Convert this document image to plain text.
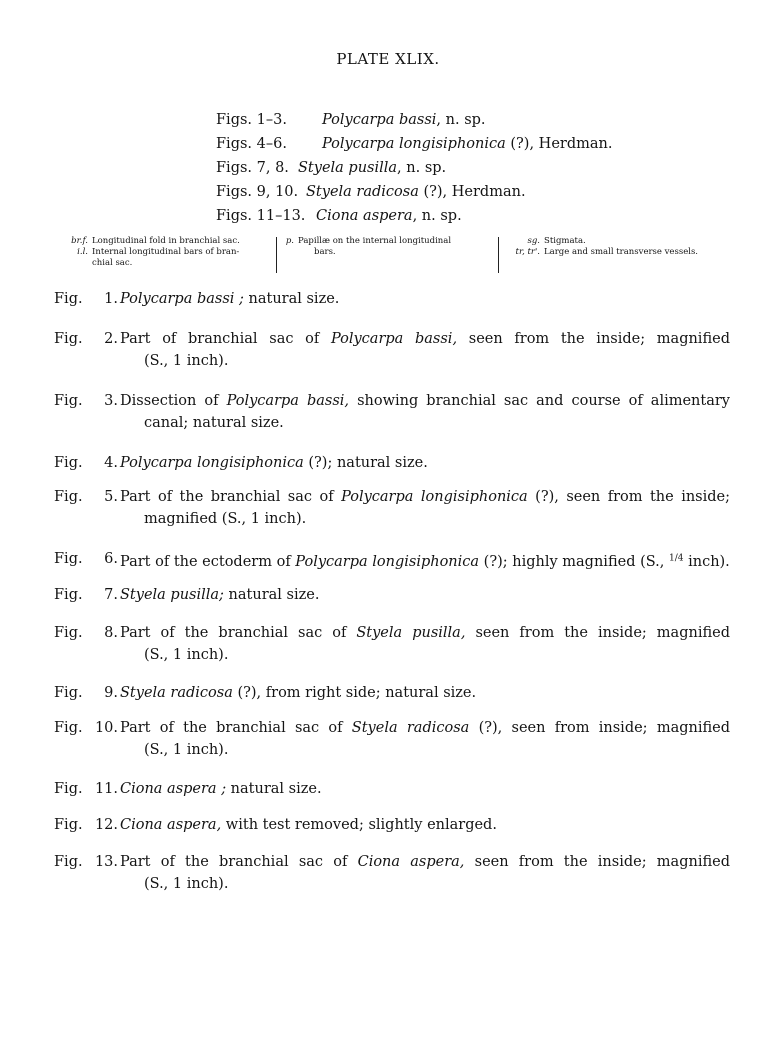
PLATE XLIX.
Figs. 1–3. Polycarpa bassi, n. sp.
Figs. 4–6. Polycarpa longisiphonica (?), Herdman.
Figs. 7, 8. Styela pusilla, n. sp.
Figs. 9, 10. Styela radicosa (?), Herdman.
Figs. 11–13. Ciona aspera, n. sp.
br.f. Longitudinal fold in branchial sac.
i.l. Internal longitudinal bars of bran-
chial sac.
p. Papillæ on the internal longitudinal
bars.
sg. Stigmata.
tr, tr'. Large and small transverse vessels.
Fig.	1. Polycarpa bassi ; natural size.
Fig.	2. Part of branchial sac of Polycarpa bassi, seen from the inside; magnified
(S., 1 inch).
Fig.	3. Dissection of Polycarpa bassi, showing branchial sac and course of alimentary
canal; natural size.
Fig.	4. Polycarpa longisiphonica (?); natural size.
Fig.	5. Part of the branchial sac of Polycarpa longisiphonica (?), seen from the inside;
magnified (S., 1 inch).
Fig.	6. Part of the ectoderm of Polycarpa longisiphonica (?); highly magnified (S., $^{1/4}$ inch).
Fig.	7. Styela pusilla; natural size.
Fig.	8. Part of the branchial sac of Styela pusilla, seen from the inside; magnified
(S., 1 inch).
Fig.	9. Styela radicosa (?), from right side; natural size.
Fig. 10. Part of the branchial sac of Styela radicosa (?), seen from inside; magnified
(S., 1 inch).
Fig. 11. Ciona aspera ; natural size.
Fig. 12. Ciona aspera, with test removed; slightly enlarged.
Fig. 13. Part of the branchial sac of Ciona aspera, seen from the inside; magnified
(S., 1 inch).
